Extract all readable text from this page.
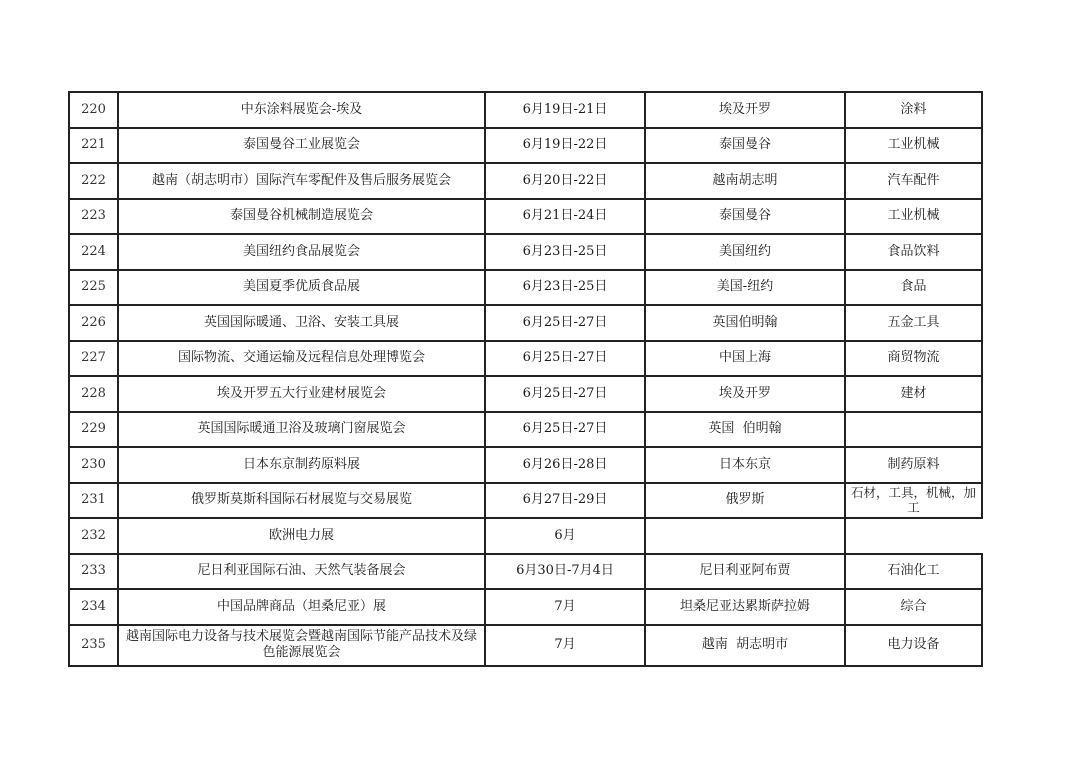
220	中东涂料展览会-埃及	6月19日-21日	埃及开罗	涂料
221	泰国曼谷工业展览会	6月19日-22日	泰国曼谷	工业机械
222	越南（胡志明市）国际汽车零配件及售后服务展览会	6月20日-22日	越南胡志明	汽车配件
223	泰国曼谷机械制造展览会	6月21日-24日	泰国曼谷	工业机械
224	美国纽约食品展览会	6月23日-25日	美国纽约	食品饮料
225	美国夏季优质食品展	6月23日-25日	美国-纽约	食品
226	英国国际暖通、卫浴、安装工具展	6月25日-27日	英国伯明翰	五金工具
227	国际物流、交通运输及远程信息处理博览会	6月25日-27日	中国上海	商贸物流
228	埃及开罗五大行业建材展览会	6月25日-27日	埃及开罗	建材
229	英国国际暖通卫浴及玻璃门窗展览会	6月25日-27日	英国  伯明翰	
230	日本东京制药原料展	6月26日-28日	日本东京	制药原料
231	俄罗斯莫斯科国际石材展览与交易展览	6月27日-29日	俄罗斯	石材，工具，机械，加工
232	欧洲电力展	6月		
233	尼日利亚国际石油、天然气装备展会	6月30日-7月4日	尼日利亚阿布贾	石油化工
234	中国品牌商品（坦桑尼亚）展	7月	坦桑尼亚达累斯萨拉姆	综合
235	越南国际电力设备与技术展览会暨越南国际节能产品技术及绿色能源展览会	7月	越南  胡志明市	电力设备
